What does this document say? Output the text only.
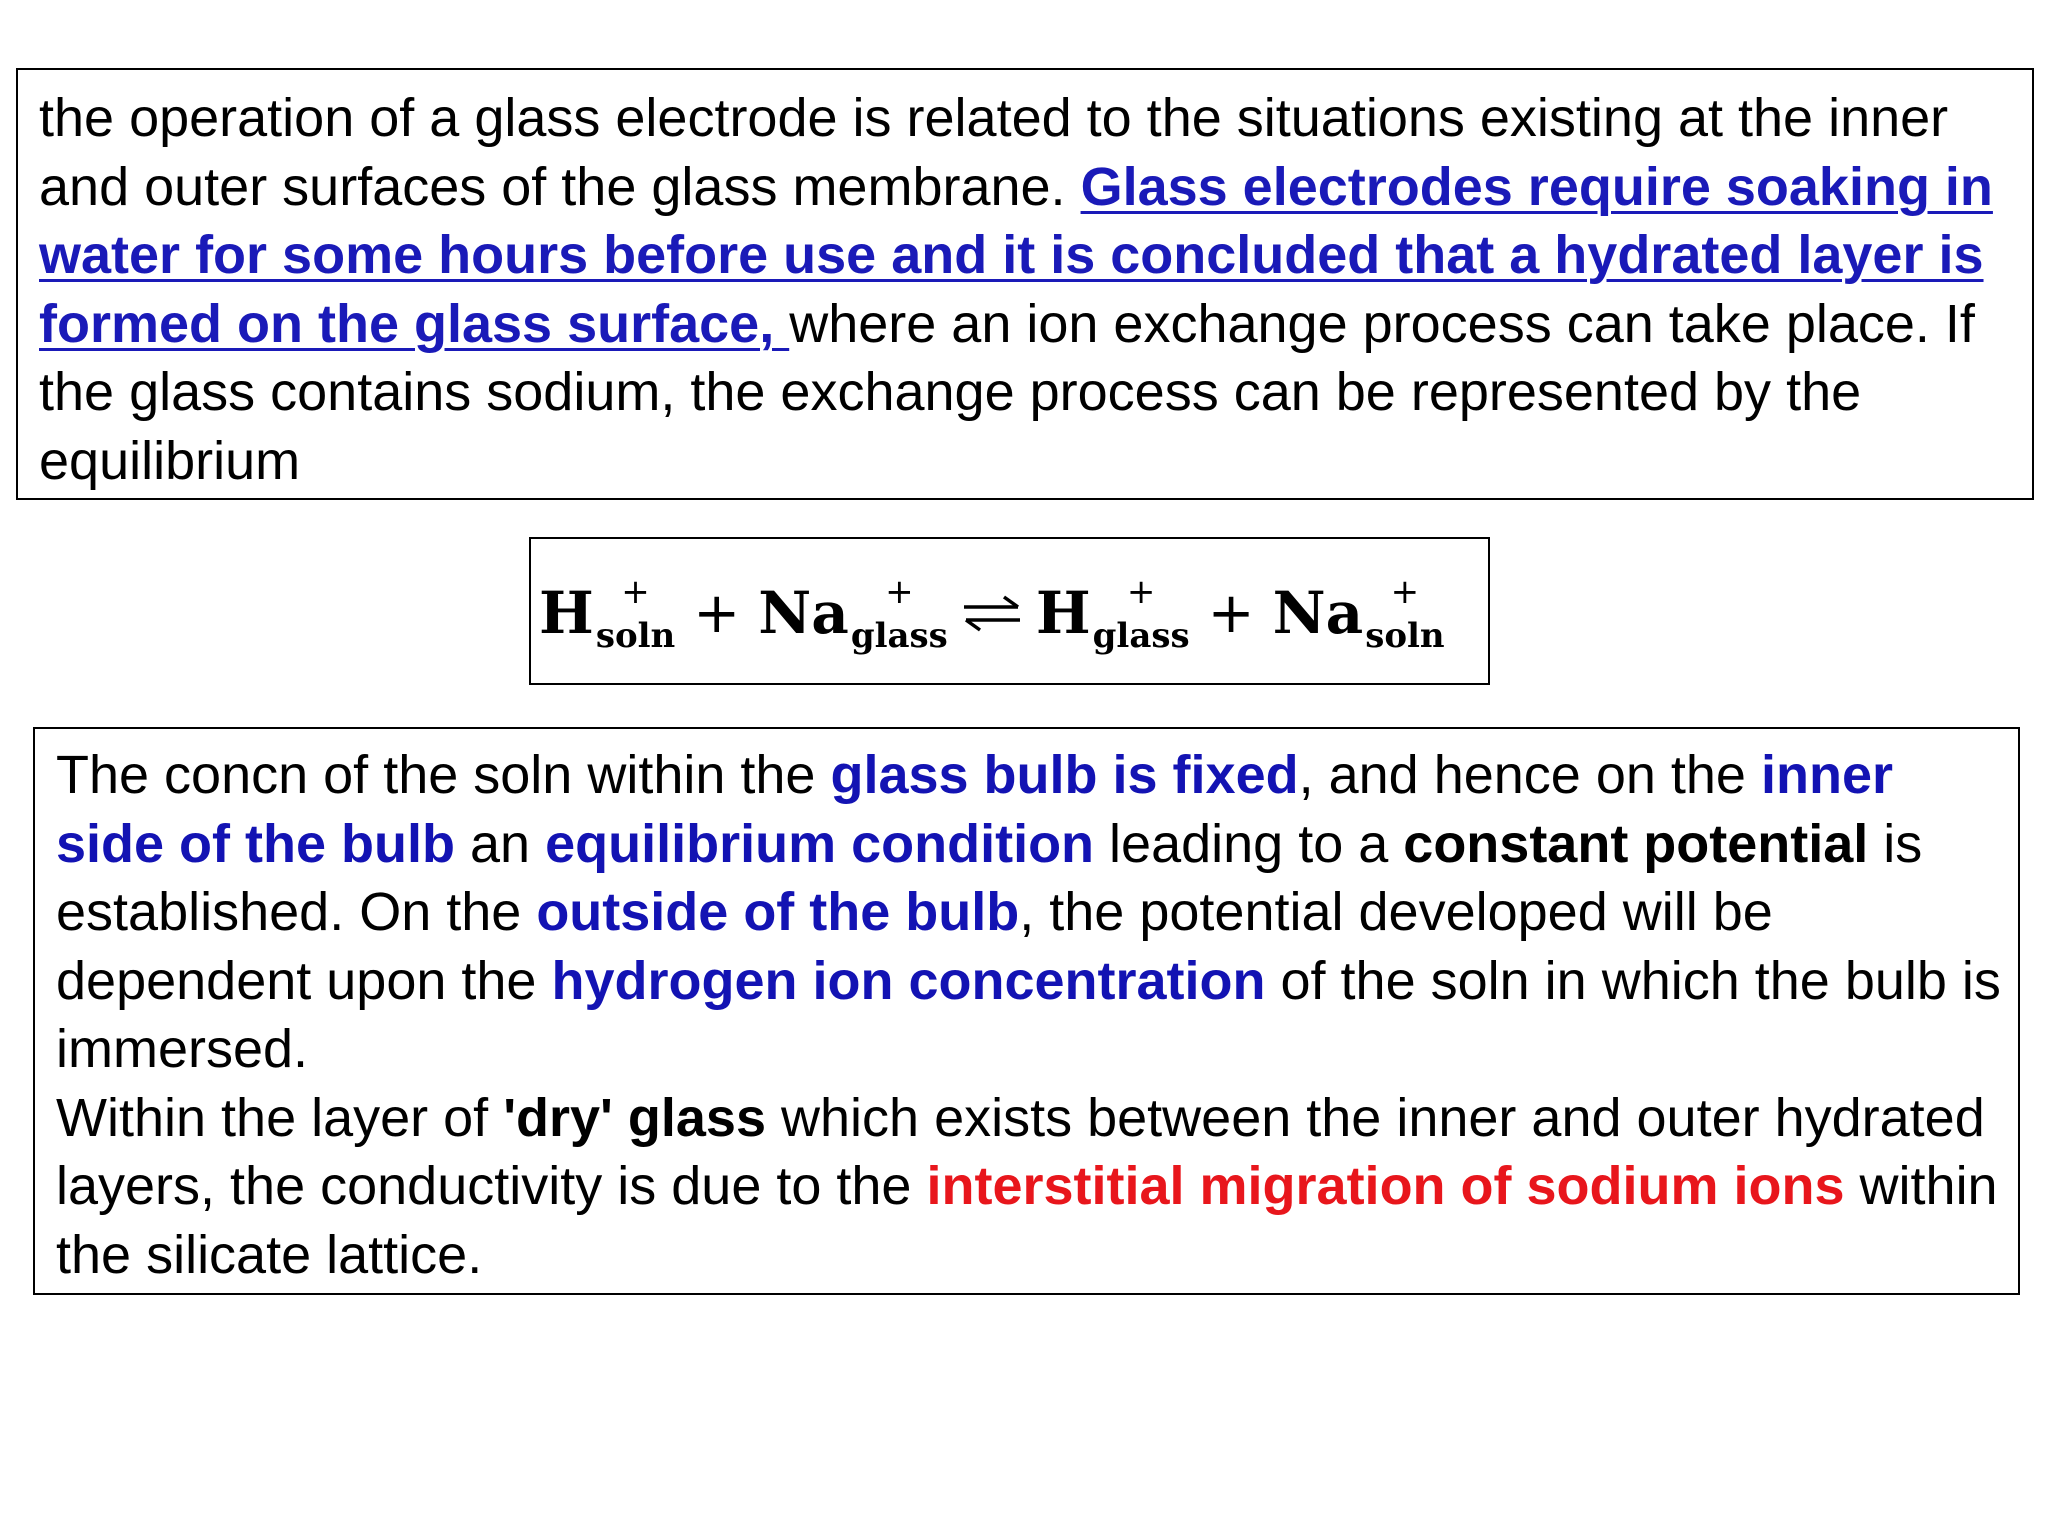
the operation of a glass electrode is related to the situations existing at the inner and outer surfaces of the glass membrane. Glass electrodes require soaking in water for some hours before use and it is concluded that a hydrated layer is formed on the glass surface, where an ion exchange process can take place. If the glass contains sodium, the exchange process can be represented by the equilibrium

H +
soln + Na +
glass ⇌ H +
glass + Na +
soln

The concn of the soln within the glass bulb is fixed, and hence on the inner side of the bulb an equilibrium condition leading to a constant potential is established. On the outside of the bulb, the potential developed will be dependent upon the hydrogen ion concentration of the soln in which the bulb is immersed.

Within the layer of 'dry' glass which exists between the inner and outer hydrated layers, the conductivity is due to the interstitial migration of sodium ions within the silicate lattice.
